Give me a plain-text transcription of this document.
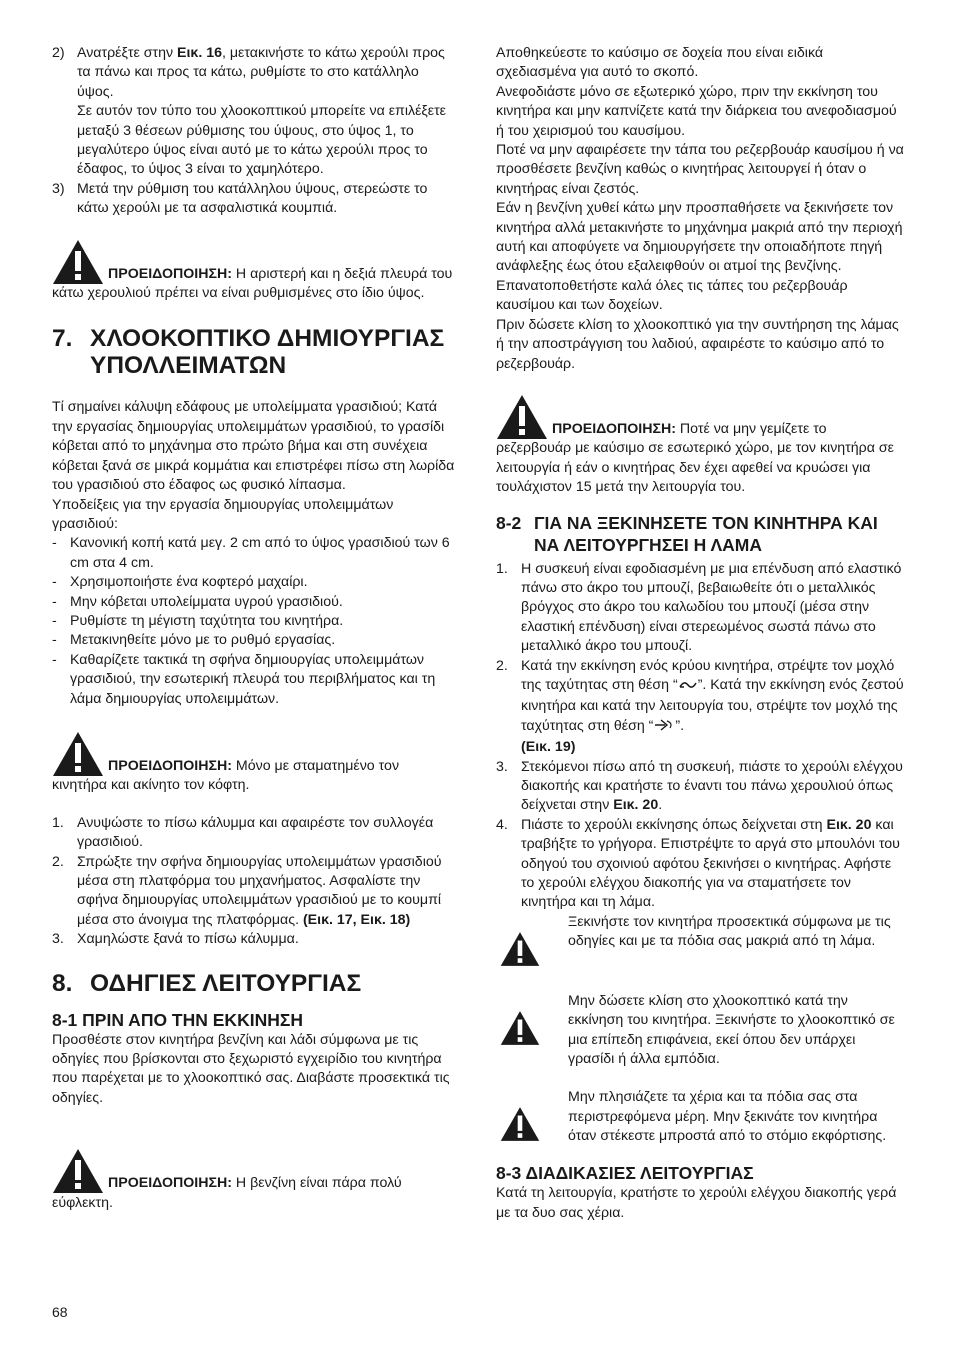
2) Ανατρέξτε στην Εικ. 16, μετακινήστε το κάτω χερούλι προς τα πάνω και προς τα κάτω, ρυθμίστε το στο κατάλληλο ύψος.

Σε αυτόν τον τύπο του χλοοκοπτικού μπορείτε να επιλέξετε μεταξύ 3 θέσεων ρύθμισης του ύψους, στο ύψος 1, το μεγαλύτερο ύψος είναι αυτό με το κάτω χερούλι προς το έδαφος, το ύψος 3 είναι το χαμηλότερο.

3) Μετά την ρύθμιση του κατάλληλου ύψους, στερεώστε το κάτω χερούλι με τα ασφαλιστικά κουμπιά.

ΠΡΟΕΙΔΟΠΟΙΗΣΗ: Η αριστερή και η δεξιά πλευρά του κάτω χερουλιού πρέπει να είναι ρυθμισμένες στο ίδιο ύψος.

7. ΧΛΟΟΚΟΠΤΙΚΟ ΔΗΜΙΟΥΡΓΙΑΣ ΥΠΟΛΛΕΙΜΑΤΩΝ

Τί σημαίνει κάλυψη εδάφους με υπολείμματα γρασιδιού; Κατά την εργασίας δημιουργίας υπολειμμάτων γρασιδιού, το γρασίδι κόβεται από το μηχάνημα στο πρώτο βήμα και στη συνέχεια κόβεται ξανά σε μικρά κομμάτια και επιστρέφει πίσω στη λωρίδα του γρασιδιού στο έδαφος ως φυσικό λίπασμα.

Υποδείξεις για την εργασία δημιουργίας υπολειμμάτων γρασιδιού:

- Κανονική κοπή κατά μεγ. 2 cm από το ύψος γρασιδιού των 6 cm στα 4 cm.

- Χρησιμοποιήστε ένα κοφτερό μαχαίρι.

- Μην κόβεται υπολείμματα υγρού γρασιδιού.

- Ρυθμίστε τη μέγιστη ταχύτητα του κινητήρα.

- Μετακινηθείτε μόνο με το ρυθμό εργασίας.

- Καθαρίζετε τακτικά τη σφήνα δημιουργίας υπολειμμάτων γρασιδιού, την εσωτερική πλευρά του περιβλήματος και τη λάμα δημιουργίας υπολειμμάτων.

ΠΡΟΕΙΔΟΠΟΙΗΣΗ: Μόνο με σταματημένο τον κινητήρα και ακίνητο τον κόφτη.

1. Ανυψώστε το πίσω κάλυμμα και αφαιρέστε τον συλλογέα γρασιδιού.

2. Σπρώξτε την σφήνα δημιουργίας υπολειμμάτων γρασιδιού μέσα στη πλατφόρμα του μηχανήματος. Ασφαλίστε την σφήνα δημιουργίας υπολειμμάτων γρασιδιού με το κουμπί μέσα στο άνοιγμα της πλατφόρμας. (Εικ. 17, Εικ. 18)

3. Χαμηλώστε ξανά το πίσω κάλυμμα.

8. ΟΔΗΓΙΕΣ ΛΕΙΤΟΥΡΓΙΑΣ
8-1 ΠΡΙΝ ΑΠΟ ΤΗΝ ΕΚΚΙΝΗΣΗ

Προσθέστε στον κινητήρα βενζίνη και λάδι σύμφωνα με τις οδηγίες που βρίσκονται στο ξεχωριστό εγχειρίδιο του κινητήρα που παρέχεται με το χλοοκοπτικό σας. Διαβάστε προσεκτικά τις οδηγίες.

ΠΡΟΕΙΔΟΠΟΙΗΣΗ: Η βενζίνη είναι πάρα πολύ εύφλεκτη.

Αποθηκεύεστε το καύσιμο σε δοχεία που είναι ειδικά σχεδιασμένα για αυτό το σκοπό.

Ανεφοδιάστε μόνο σε εξωτερικό χώρο, πριν την εκκίνηση του κινητήρα και μην καπνίζετε κατά την διάρκεια του ανεφοδιασμού ή του χειρισμού του καυσίμου.

Ποτέ να μην αφαιρέσετε την τάπα του ρεζερβουάρ καυσίμου ή να προσθέσετε βενζίνη καθώς ο κινητήρας λειτουργεί ή όταν ο κινητήρας είναι ζεστός.

Εάν η βενζίνη χυθεί κάτω μην προσπαθήσετε να ξεκινήσετε τον κινητήρα αλλά μετακινήστε το μηχάνημα μακριά από την περιοχή αυτή και αποφύγετε να δημιουργήσετε την οποιαδήποτε πηγή ανάφλεξης έως ότου εξαλειφθούν οι ατμοί της βενζίνης.

Επανατοποθετήστε καλά όλες τις τάπες του ρεζερβουάρ καυσίμου και των δοχείων.

Πριν δώσετε κλίση το χλοοκοπτικό για την συντήρηση της λάμας ή την αποστράγγιση του λαδιού, αφαιρέστε το καύσιμο από το ρεζερβουάρ.

ΠΡΟΕΙΔΟΠΟΙΗΣΗ: Ποτέ να μην γεμίζετε το ρεζερβουάρ με καύσιμο σε εσωτερικό χώρο, με τον κινητήρα σε λειτουργία ή εάν ο κινητήρας δεν έχει αφεθεί να κρυώσει για τουλάχιστον 15 μετά την λειτουργία του.

8-2 ΓΙΑ ΝΑ ΞΕΚΙΝΗΣΕΤΕ ΤΟΝ ΚΙΝΗΤΗΡΑ ΚΑΙ ΝΑ ΛΕΙΤΟΥΡΓΗΣΕΙ Η ΛΑΜΑ
1. Η συσκευή είναι εφοδιασμένη με μια επένδυση από ελαστικό πάνω στο άκρο του μπουζί, βεβαιωθείτε ότι ο μεταλλικός βρόγχος στο άκρο του καλωδίου του μπουζί (μέσα στην ελαστική επένδυση) είναι στερεωμένος σωστά πάνω στο μεταλλικό άκρο του μπουζί.

2. Κατά την εκκίνηση ενός κρύου κινητήρα, στρέψτε τον μοχλό της ταχύτητας στη θέση “ ”. Κατά την εκκίνηση ενός ζεστού κινητήρα και κατά την λειτουργία του, στρέψτε τον μοχλό της ταχύτητας στη θέση “ ”.
(Εικ. 19)

3. Στεκόμενοι πίσω από τη συσκευή, πιάστε το χερούλι ελέγχου διακοπής και κρατήστε το έναντι του πάνω χερουλιού όπως δείχνεται στην Εικ. 20.

4. Πιάστε το χερούλι εκκίνησης όπως δείχνεται στη Εικ. 20 και τραβήξτε το γρήγορα. Επιστρέψτε το αργά στο μπουλόνι του οδηγού του σχοινιού αφότου ξεκινήσει ο κινητήρας. Αφήστε το χερούλι ελέγχου διακοπής για να σταματήσετε τον κινητήρα και τη λάμα.

Ξεκινήστε τον κινητήρα προσεκτικά σύμφωνα με τις οδηγίες και με τα πόδια σας μακριά από τη λάμα.

Μην δώσετε κλίση στο χλοοκοπτικό κατά την εκκίνηση του κινητήρα. Ξεκινήστε το χλοοκοπτικό σε μια επίπεδη επιφάνεια, εκεί όπου δεν υπάρχει γρασίδι ή άλλα εμπόδια.

Μην πλησιάζετε τα χέρια και τα πόδια σας στα περιστρεφόμενα μέρη. Μην ξεκινάτε τον κινητήρα όταν στέκεστε μπροστά από το στόμιο εκφόρτισης.

8-3 ΔΙΑΔΙΚΑΣΙΕΣ ΛΕΙΤΟΥΡΓΙΑΣ

Κατά τη λειτουργία, κρατήστε το χερούλι ελέγχου διακοπής γερά με τα δυο σας χέρια.

68
